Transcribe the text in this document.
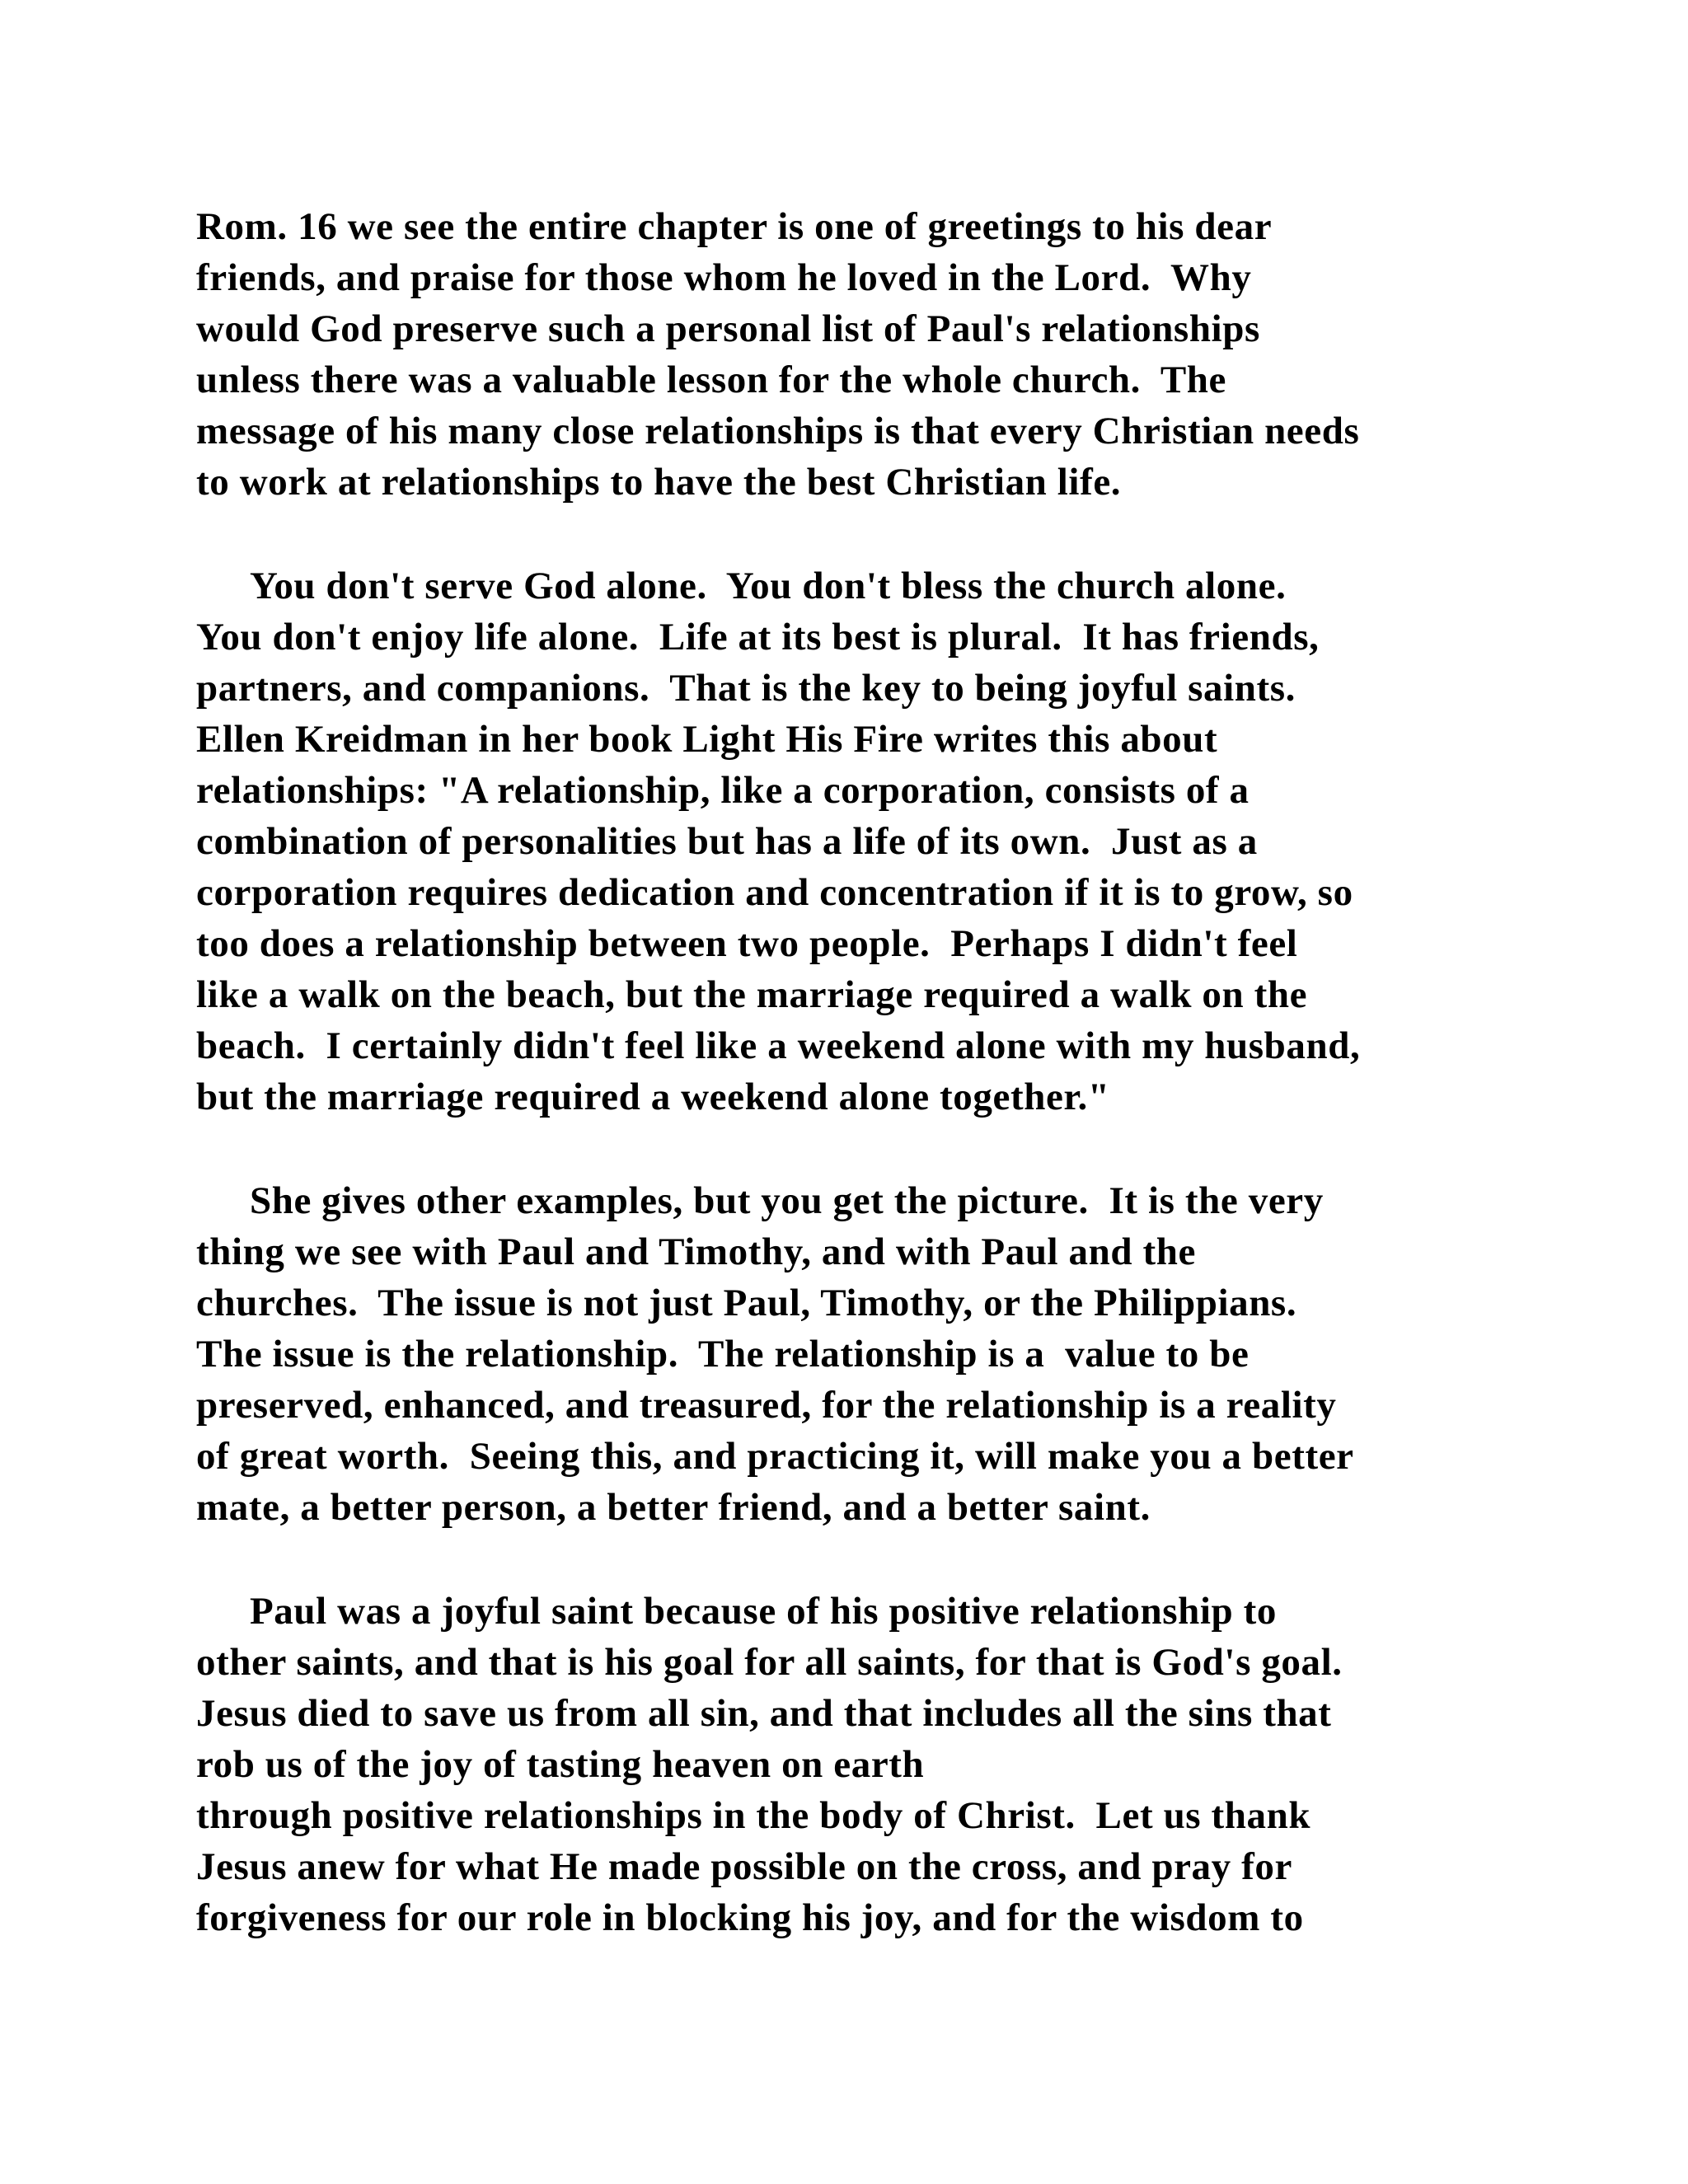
Rom. 16 we see the entire chapter is one of greetings to his dear
friends, and praise for those whom he loved in the Lord.  Why
would God preserve such a personal list of Paul's relationships
unless there was a valuable lesson for the whole church.  The
message of his many close relationships is that every Christian needs
to work at relationships to have the best Christian life.
You don't serve God alone.  You don't bless the church alone.
You don't enjoy life alone.  Life at its best is plural.  It has friends,
partners, and companions.  That is the key to being joyful saints.
Ellen Kreidman in her book Light His Fire writes this about
relationships: "A relationship, like a corporation, consists of a
combination of personalities but has a life of its own.  Just as a
corporation requires dedication and concentration if it is to grow, so
too does a relationship between two people.  Perhaps I didn't feel
like a walk on the beach, but the marriage required a walk on the
beach.  I certainly didn't feel like a weekend alone with my husband,
but the marriage required a weekend alone together."
She gives other examples, but you get the picture.  It is the very
thing we see with Paul and Timothy, and with Paul and the
churches.  The issue is not just Paul, Timothy, or the Philippians.
The issue is the relationship.  The relationship is a  value to be
preserved, enhanced, and treasured, for the relationship is a reality
of great worth.  Seeing this, and practicing it, will make you a better
mate, a better person, a better friend, and a better saint.
Paul was a joyful saint because of his positive relationship to
other saints, and that is his goal for all saints, for that is God's goal.
Jesus died to save us from all sin, and that includes all the sins that
rob us of the joy of tasting heaven on earth
through positive relationships in the body of Christ.  Let us thank
Jesus anew for what He made possible on the cross, and pray for
forgiveness for our role in blocking his joy, and for the wisdom to
